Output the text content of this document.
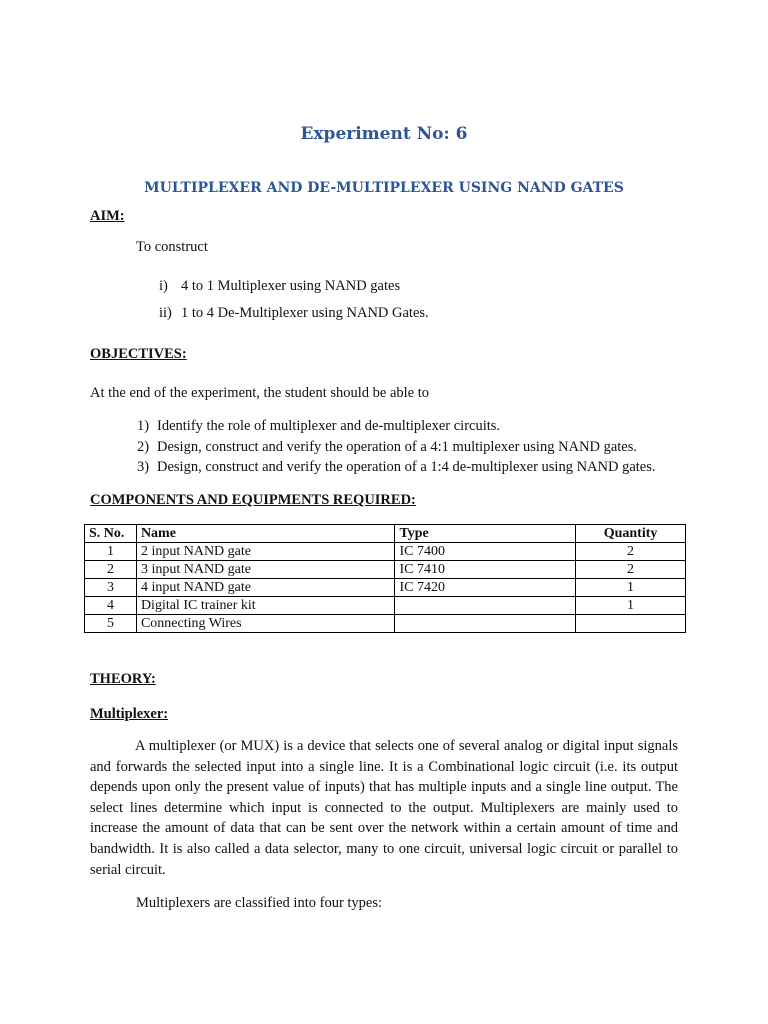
Experiment No: 6
MULTIPLEXER AND DE-MULTIPLEXER USING NAND GATES
AIM:
To construct
i) 4 to 1 Multiplexer using NAND gates
ii) 1 to 4 De-Multiplexer using NAND Gates.
OBJECTIVES:
At the end of the experiment, the student should be able to
1) Identify the role of multiplexer and de-multiplexer circuits.
2) Design, construct and verify the operation of a 4:1 multiplexer using NAND gates.
3) Design, construct and verify the operation of a 1:4 de-multiplexer using NAND gates.
COMPONENTS AND EQUIPMENTS REQUIRED:
S. No.	Name	Type	Quantity
1	2 input NAND gate	IC 7400	2
2	3 input NAND gate	IC 7410	2
3	4 input NAND gate	IC 7420	1
4	Digital IC trainer kit		1
5	Connecting Wires		
THEORY:
Multiplexer:

A multiplexer (or MUX) is a device that selects one of several analog or digital input signals and forwards the selected input into a single line. It is a Combinational logic circuit (i.e. its output depends upon only the present value of inputs) that has multiple inputs and a single line output. The select lines determine which input is connected to the output. Multiplexers are mainly used to increase the amount of data that can be sent over the network within a certain amount of time and bandwidth. It is also called a data selector, many to one circuit, universal logic circuit or parallel to serial circuit.

Multiplexers are classified into four types:
